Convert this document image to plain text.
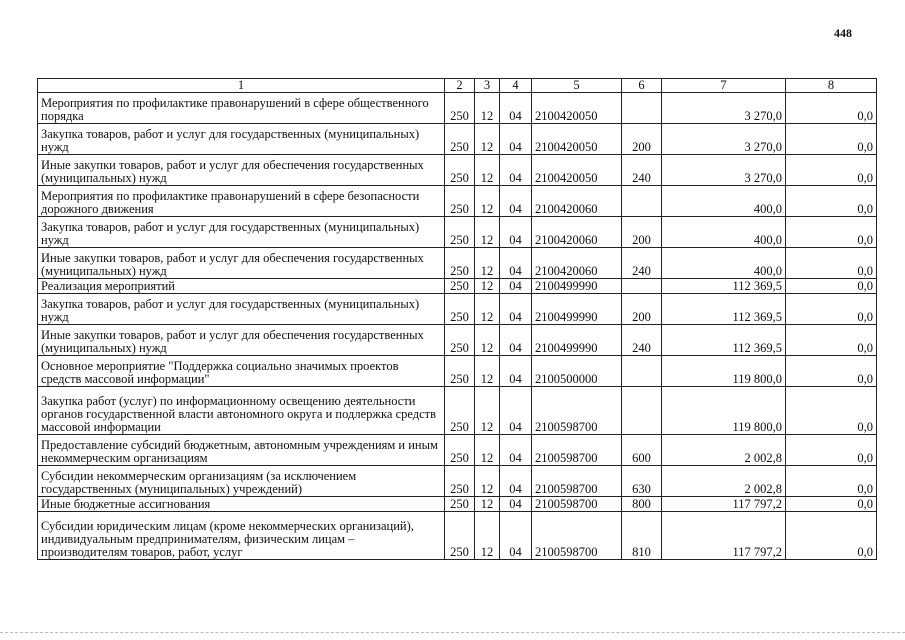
448
1	2	3	4	5	6	7	8
Мероприятия по профилактике правонарушений в сфере общественного порядка	250	12	04	2100420050		3 270,0	0,0
Закупка товаров, работ и услуг для государственных (муниципальных) нужд	250	12	04	2100420050	200	3 270,0	0,0
Иные закупки товаров, работ и услуг для обеспечения государственных (муниципальных) нужд	250	12	04	2100420050	240	3 270,0	0,0
Мероприятия по профилактике правонарушений в сфере безопасности дорожного движения	250	12	04	2100420060		400,0	0,0
Закупка товаров, работ и услуг для государственных (муниципальных) нужд	250	12	04	2100420060	200	400,0	0,0
Иные закупки товаров, работ и услуг для обеспечения государственных (муниципальных) нужд	250	12	04	2100420060	240	400,0	0,0
Реализация мероприятий	250	12	04	2100499990		112 369,5	0,0
Закупка товаров, работ и услуг для государственных (муниципальных) нужд	250	12	04	2100499990	200	112 369,5	0,0
Иные закупки товаров, работ и услуг для обеспечения государственных (муниципальных) нужд	250	12	04	2100499990	240	112 369,5	0,0
Основное мероприятие "Поддержка социально значимых проектов средств массовой информации"	250	12	04	2100500000		119 800,0	0,0
Закупка работ (услуг) по информационному освещению деятельности органов государственной власти автономного округа и подлержка средств массовой информации	250	12	04	2100598700		119 800,0	0,0
Предоставление субсидий бюджетным, автономным учреждениям и иным некоммерческим организациям	250	12	04	2100598700	600	2 002,8	0,0
Субсидии некоммерческим организациям (за исключением государственных (муниципальных) учреждений)	250	12	04	2100598700	630	2 002,8	0,0
Иные бюджетные ассигнования	250	12	04	2100598700	800	117 797,2	0,0
Субсидии юридическим лицам (кроме некоммерческих организаций), индивидуальным предпринимателям, физическим лицам – производителям товаров, работ, услуг	250	12	04	2100598700	810	117 797,2	0,0
